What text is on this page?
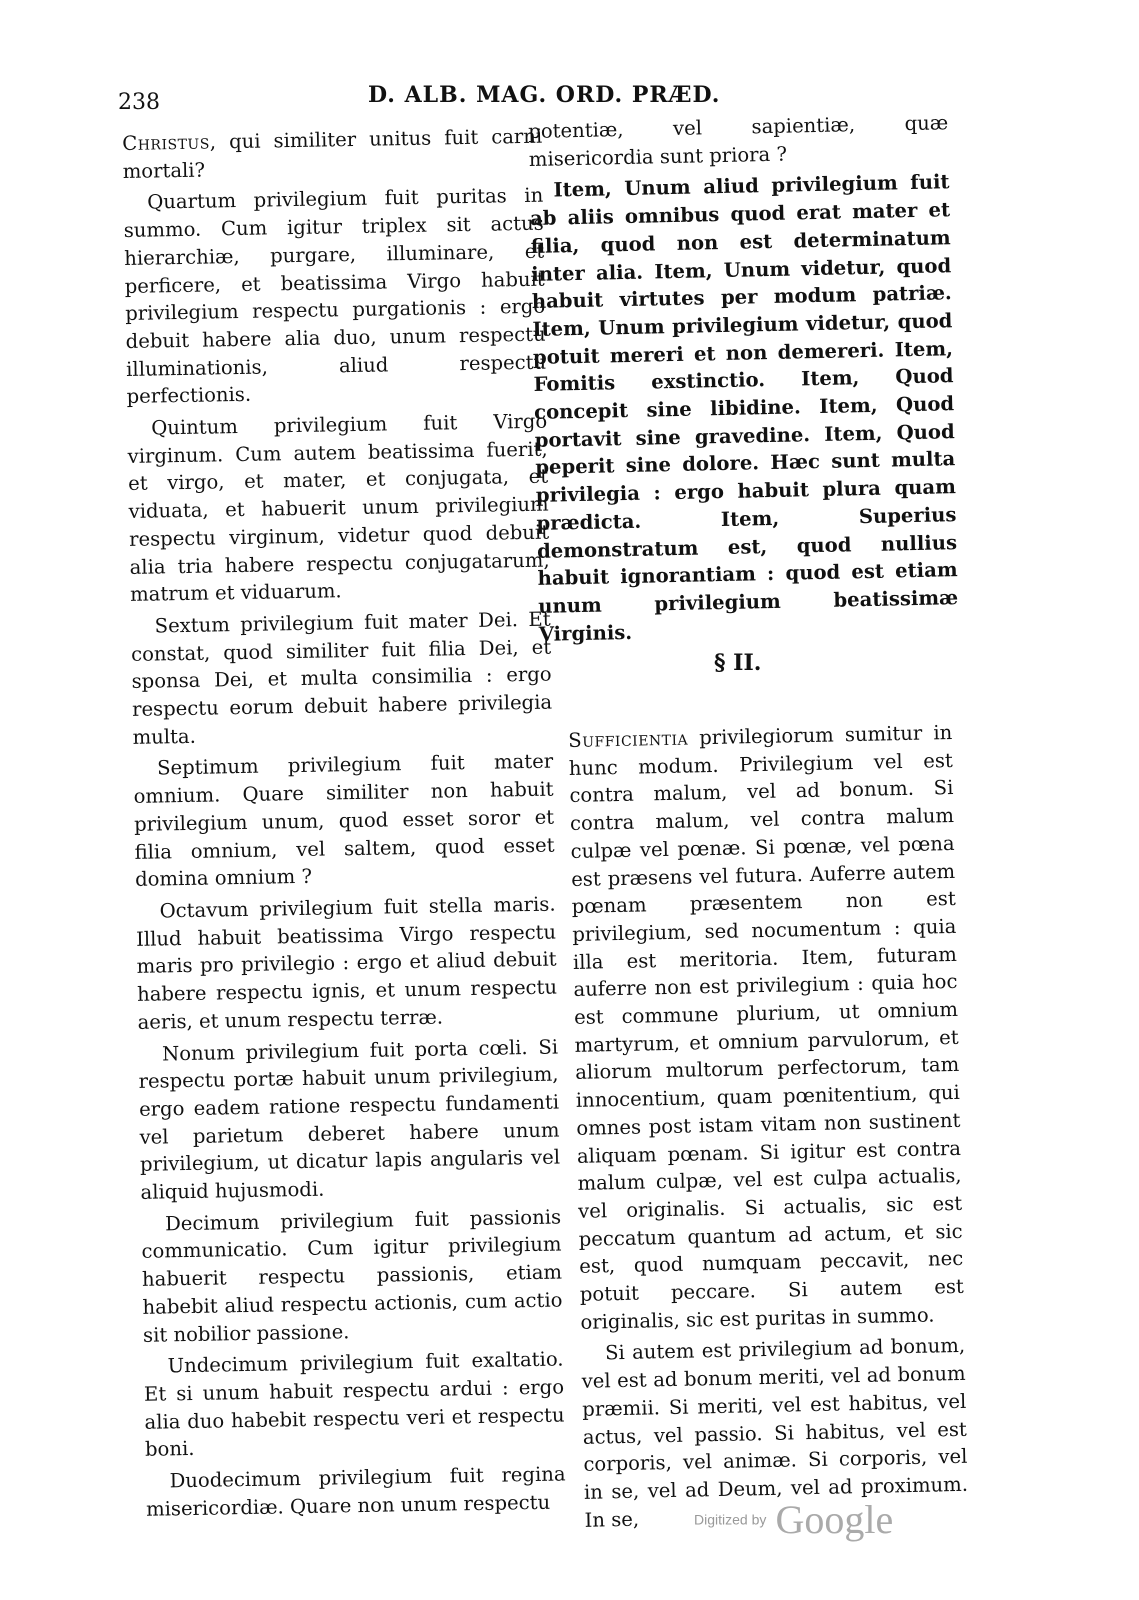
238	D. ALB. MAG. ORD. PRÆD.

Christus, qui similiter unitus fuit carni mortali?

Quartum privilegium fuit puritas in summo. Cum igitur triplex sit actus hierarchiæ, purgare, illuminare, et perficere, et beatissima Virgo habuit privilegium respectu purgationis : ergo debuit habere alia duo, unum respectu illuminationis, aliud respectu perfectionis.

Quintum privilegium fuit Virgo virginum. Cum autem beatissima fuerit, et virgo, et mater, et conjugata, et viduata, et habuerit unum privilegium respectu virginum, videtur quod debuit alia tria habere respectu conjugatarum, matrum et viduarum.

Sextum privilegium fuit mater Dei. Et constat, quod similiter fuit filia Dei, et sponsa Dei, et multa consimilia : ergo respectu eorum debuit habere privilegia multa.

Septimum privilegium fuit mater omnium. Quare similiter non habuit privilegium unum, quod esset soror et filia omnium, vel saltem, quod esset domina omnium ?

Octavum privilegium fuit stella maris. Illud habuit beatissima Virgo respectu maris pro privilegio : ergo et aliud debuit habere respectu ignis, et unum respectu aeris, et unum respectu terræ.

Nonum privilegium fuit porta cœli. Si respectu portæ habuit unum privilegium, ergo eadem ratione respectu fundamenti vel parietum deberet habere unum privilegium, ut dicatur lapis angularis vel aliquid hujusmodi.

Decimum privilegium fuit passionis communicatio. Cum igitur privilegium habuerit respectu passionis, etiam habebit aliud respectu actionis, cum actio sit nobilior passione.

Undecimum privilegium fuit exaltatio. Et si unum habuit respectu ardui : ergo alia duo habebit respectu veri et respectu boni.

Duodecimum privilegium fuit regina misericordiæ. Quare non unum respectu

potentiæ, vel sapientiæ, quæ misericordia sunt priora ?

Item, Unum aliud privilegium fuit ab aliis omnibus quod erat mater et filia, quod non est determinatum inter alia. Item, Unum videtur, quod habuit virtutes per modum patriæ. Item, Unum privilegium videtur, quod potuit mereri et non demereri. Item, Fomitis exstinctio. Item, Quod concepit sine libidine. Item, Quod portavit sine gravedine. Item, Quod peperit sine dolore. Hæc sunt multa privilegia : ergo habuit plura quam prædicta. Item, Superius demonstratum est, quod nullius habuit ignorantiam : quod est etiam unum privilegium beatissimæ Virginis.

§ II.

Sufficientia privilegiorum sumitur in hunc modum. Privilegium vel est contra malum, vel ad bonum. Si contra malum, vel contra malum culpæ vel pœnæ. Si pœnæ, vel pœna est præsens vel futura. Auferre autem pœnam præsentem non est privilegium, sed nocumentum : quia illa est meritoria. Item, futuram auferre non est privilegium : quia hoc est commune plurium, ut omnium martyrum, et omnium parvulorum, et aliorum multorum perfectorum, tam innocentium, quam pœnitentium, qui omnes post istam vitam non sustinent aliquam pœnam. Si igitur est contra malum culpæ, vel est culpa actualis, vel originalis. Si actualis, sic est peccatum quantum ad actum, et sic est, quod numquam peccavit, nec potuit peccare. Si autem est originalis, sic est puritas in summo.

Si autem est privilegium ad bonum, vel est ad bonum meriti, vel ad bonum præmii. Si meriti, vel est habitus, vel actus, vel passio. Si habitus, vel est corporis, vel animæ. Si corporis, vel in se, vel ad Deum, vel ad proximum. In se,	Digitized by Google
